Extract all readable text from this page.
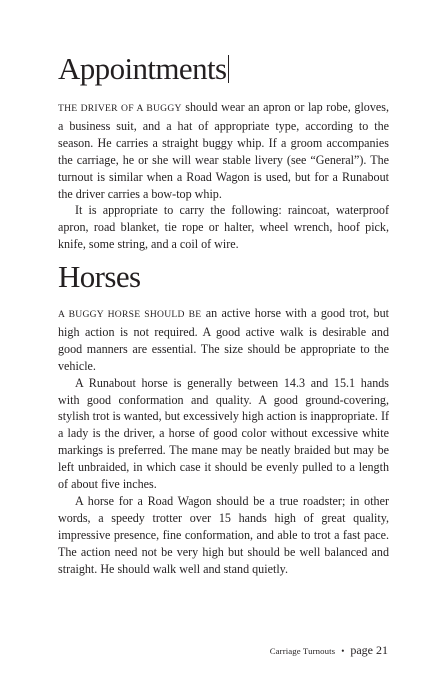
Appointments

THE DRIVER OF A BUGGY should wear an apron or lap robe, gloves, a business suit, and a hat of appropriate type, according to the season. He carries a straight buggy whip. If a groom accompanies the carriage, he or she will wear stable livery (see “General”). The turnout is similar when a Road Wagon is used, but for a Runabout the driver carries a bow-top whip.

It is appropriate to carry the following: raincoat, waterproof apron, road blanket, tie rope or halter, wheel wrench, hoof pick, knife, some string, and a coil of wire.

Horses

A BUGGY HORSE SHOULD BE an active horse with a good trot, but high action is not required. A good active walk is desirable and good manners are essential. The size should be appropriate to the vehicle.

A Runabout horse is generally between 14.3 and 15.1 hands with good conformation and quality. A good ground-covering, stylish trot is wanted, but excessively high action is inappropriate. If a lady is the driver, a horse of good color without excessive white markings is preferred. The mane may be neatly braided but may be left unbraided, in which case it should be evenly pulled to a length of about five inches.

A horse for a Road Wagon should be a true roadster; in other words, a speedy trotter over 15 hands high of great quality, impressive presence, fine conformation, and able to trot a fast pace. The action need not be very high but should be well balanced and straight. He should walk well and stand quietly.

Carriage Turnouts • page 21
